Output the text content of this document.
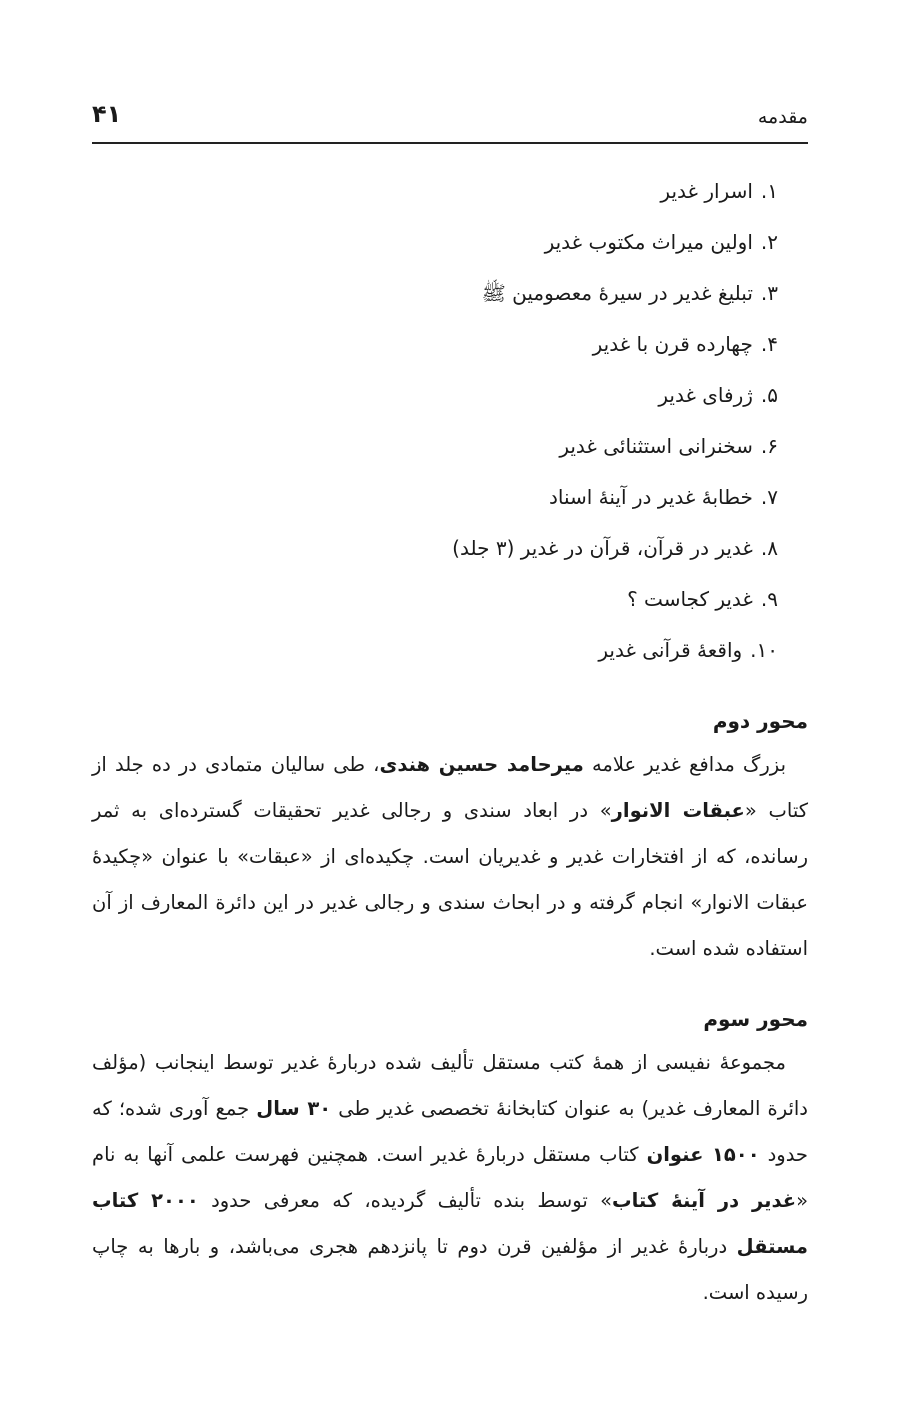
مقدمه
۴۱
۱.اسرار غدیر
۲.اولین میراث مکتوب غدیر
۳.تبلیغ غدیر در سیرهٔ معصومین ﷺ
۴.چهارده قرن با غدیر
۵.ژرفای غدیر
۶.سخنرانی استثنائی غدیر
۷.خطابهٔ غدیر در آینهٔ اسناد
۸.غدیر در قرآن، قرآن در غدیر (۳ جلد)
۹.غدیر کجاست ؟
۱۰.واقعهٔ قرآنی غدیر
محور دوم

بزرگ مدافع غدیر علامه میرحامد حسین هندی، طی سالیان متمادی در ده جلد از کتاب «عبقات الانوار» در ابعاد سندی و رجالی غدیر تحقیقات گسترده‌ای به ثمر رسانده، که از افتخارات غدیر و غدیریان است. چکیده‌ای از «عبقات» با عنوان «چکیدهٔ عبقات الانوار» انجام گرفته و در ابحاث سندی و رجالی غدیر در این دائرة المعارف از آن استفاده شده است.

محور سوم

مجموعهٔ نفیسی از همهٔ کتب مستقل تألیف شده دربارهٔ غدیر توسط اینجانب (مؤلف دائرة المعارف غدیر) به عنوان کتابخانهٔ تخصصی غدیر طی ۳۰ سال جمع آوری شده؛ که حدود ۱۵۰۰ عنوان کتاب مستقل دربارهٔ غدیر است. همچنین فهرست علمی آنها به نام «غدیر در آینهٔ کتاب» توسط بنده تألیف گردیده، که معرفی حدود ۲۰۰۰ کتاب مستقل دربارهٔ غدیر از مؤلفین قرن دوم تا پانزدهم هجری می‌باشد، و بارها به چاپ رسیده است.
